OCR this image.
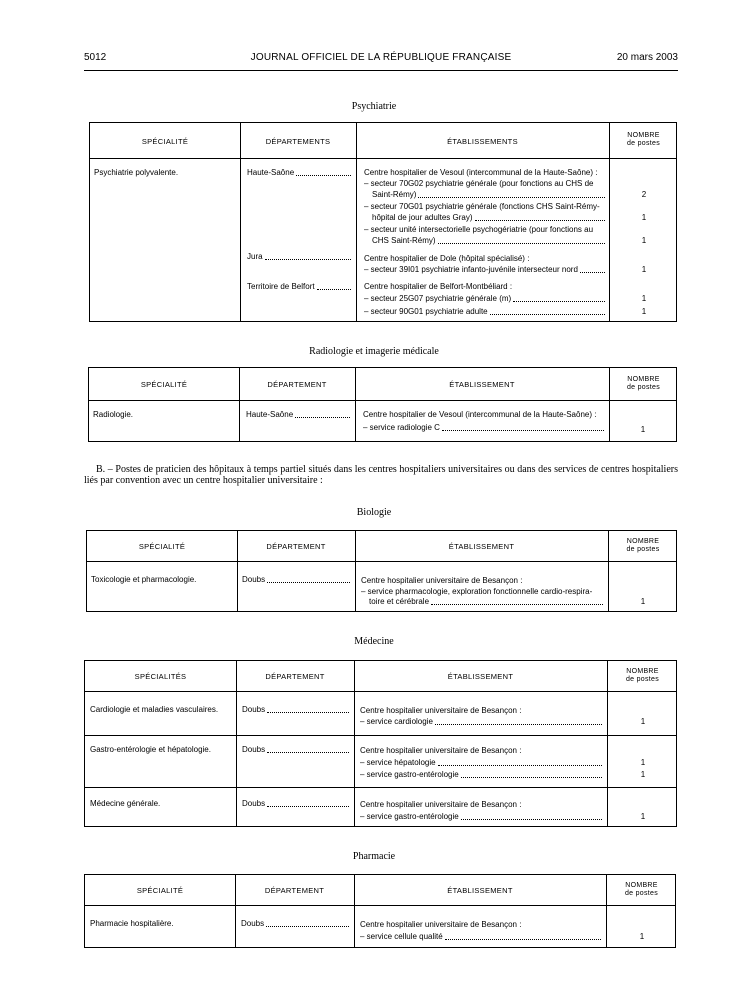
5012	JOURNAL OFFICIEL DE LA RÉPUBLIQUE FRANÇAISE	20 mars 2003
Psychiatrie
SPÉCIALITÉ	DÉPARTEMENTS	ÉTABLISSEMENTS
NOMBRE
de postes
Psychiatrie polyvalente.	Haute-Saône	Centre hospitalier de Vesoul (intercommunal de la Haute-Saône) :
– secteur 70G02 psychiatrie générale (pour fonctions au CHS de
Saint-Rémy)	2
– secteur 70G01 psychiatrie générale (fonctions CHS Saint-Rémy-
hôpital de jour adultes Gray)	1
– secteur unité intersectorielle psychogériatrie (pour fonctions au
CHS Saint-Rémy)	1
Jura	Centre hospitalier de Dole (hôpital spécialisé) :
– secteur 39I01 psychiatrie infanto-juvénile intersecteur nord	1
Territoire de Belfort	Centre hospitalier de Belfort-Montbéliard :
– secteur 25G07 psychiatrie générale (m)	1
– secteur 90G01 psychiatrie adulte	1
Radiologie et imagerie médicale
SPÉCIALITÉ	DÉPARTEMENT	ÉTABLISSEMENT
NOMBRE
de postes
Radiologie.	Haute-Saône	Centre hospitalier de Vesoul (intercommunal de la Haute-Saône) :
– service radiologie C	1
B. – Postes de praticien des hôpitaux à temps partiel situés dans les centres hospitaliers universitaires ou dans des services de centres hospitaliers liés par convention avec un centre hospitalier universitaire :
Biologie
SPÉCIALITÉ	DÉPARTEMENT	ÉTABLISSEMENT
NOMBRE
de postes
Toxicologie et pharmacologie.	Doubs	Centre hospitalier universitaire de Besançon :
– service pharmacologie, exploration fonctionnelle cardio-respira-
toire et cérébrale	1
Médecine
SPÉCIALITÉS	DÉPARTEMENT	ÉTABLISSEMENT
NOMBRE
de postes
Cardiologie et maladies vasculaires.	Doubs	Centre hospitalier universitaire de Besançon :
– service cardiologie	1
Gastro-entérologie et hépatologie.	Doubs	Centre hospitalier universitaire de Besançon :
– service hépatologie	1
– service gastro-entérologie	1
Médecine générale.	Doubs	Centre hospitalier universitaire de Besançon :
– service gastro-entérologie	1
Pharmacie
SPÉCIALITÉ	DÉPARTEMENT	ÉTABLISSEMENT
NOMBRE
de postes
Pharmacie hospitalière.	Doubs	Centre hospitalier universitaire de Besançon :
– service cellule qualité	1
